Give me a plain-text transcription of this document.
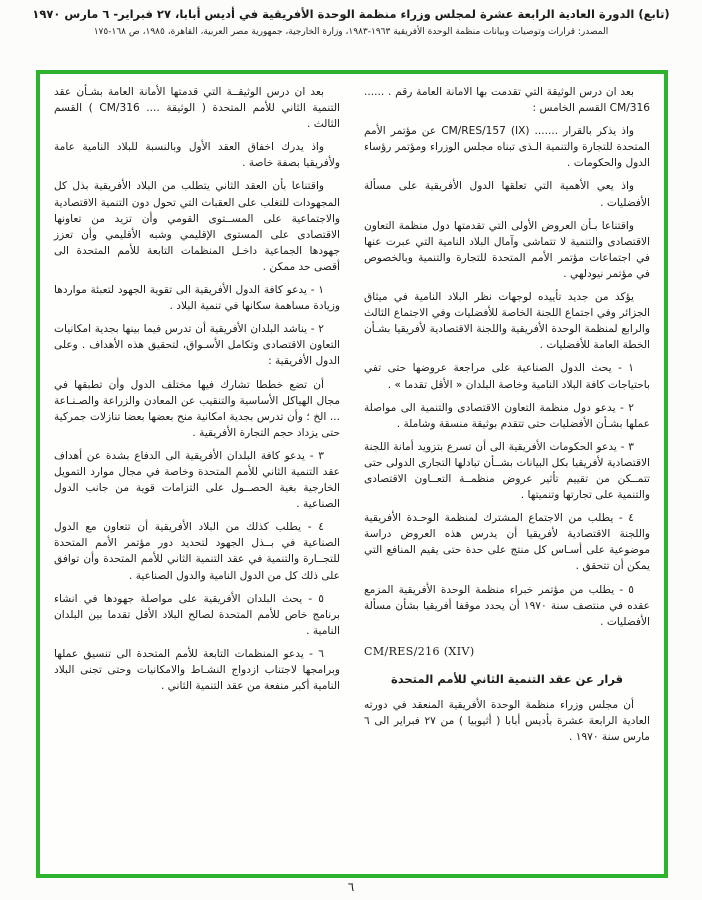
(تابع) الدورة العادية الرابعة عشرة لمجلس وزراء منظمة الوحدة الأفريقية في أديس أبابا، ٢٧ فبراير- ٦ مارس ١٩٧٠
المصدر: قرارات وتوصيات وبيانات منظمة الوحدة الأفريقية ١٩٦٣-١٩٨٣، وزارة الخارجية، جمهورية مصر العربية، القاهرة، ١٩٨٥، ص ١٦٨-١٧٥

بعد ان درس الوثيقة التي تقدمت بها الامانة العامة رقم . ...... CM/316 القسم الخامس :

واذ يذكر بالقرار ....... CM/RES/157 (IX) عن مؤتمر الأمم المتحدة للتجارة والتنمية الـذى تبناه مجلس الوزراء ومؤتمر رؤساء الدول والحكومات .

واذ يعي الأهمية التي تعلقها الدول الأفريقية على مسألة الأفضليات .

واقتناعا بـأن العروض الأولى التي تقدمتها دول منظمة التعاون الاقتصادى والتنمية لا تتماشى وآمال البلاد النامية التي عبرت عنها في اجتماعات مؤتمر الأمم المتحدة للتجارة والتنمية وبالخصوص في مؤتمر نيودلهي .

يؤكد من جديد تأييده لوجهات نظر البلاد النامية في ميثاق الجزائر وفي اجتماع اللجنة الخاصة للأفضليات وفي الاجتماع الثالث والرابع لمنظمة الوحدة الأفريقية واللجنة الاقتصادية لأفريقيا بشـأن الخطة العامة للأفضليات .

١ - يحث الدول الصناعية على مراجعة عروضها حتى تفي باحتياجات كافة البلاد النامية وخاصة البلدان « الأقل تقدما » .

٢ - يدعو دول منظمة التعاون الاقتصادى والتنمية الى مواصلة عملها بشـأن الأفضليات حتى تتقدم بوثيقة منسقة وشاملة .

٣ - يدعو الحكومات الأفريقية الى أن تسرع بتزويد أمانة اللجنة الاقتصادية لأفريقيا بكل البيانات بشــأن تبادلها التجارى الدولى حتى تتمــكن من تقييم تأثير عروض منظمــة التعــاون الاقتصادى والتنمية على تجارتها وتنميتها .

٤ - يطلب من الاجتماع المشترك لمنظمة الوحـدة الأفريقية واللجنة الاقتصادية لأفريقيا أن يدرس هذه العروض دراسة موضوعية على أسـاس كل منتج على حدة حتى يقيم المنافع التي يمكن أن تتحقق .

٥ - يطلب من مؤتمر خبراء منظمة الوحدة الأفريقية المزمع عقده في منتصف سنة ١٩٧٠ أن يحدد موقفا أفريقيا بشأن مسألة الأفضليات .

CM/RES/216 (XIV)

قرار عن عقد التنمية الثاني للأمم المتحدة

أن مجلس وزراء منظمة الوحدة الأفريقية المنعقد في دورته العادية الرابعة عشرة بأديس أبابا ( أثيوبيا ) من ٢٧ فبراير الى ٦ مارس سنة ١٩٧٠ .

بعد ان درس الوثيقــة التي قدمتها الأمانة العامة بشـأن عقد التنمية الثاني للأمم المتحدة ( الوثيقة .... CM/316 ) القسم الثالث .

واذ يدرك اخفاق العقد الأول وبالنسبة للبلاد النامية عامة ولأفريقيا بصفة خاصة .

واقتناعا بأن العقد الثاني يتطلب من البلاد الأفريقية بذل كل المجهودات للتغلب على العقبات التي تحول دون التنمية الاقتصادية والاجتماعية على المســتوى القومي وأن تزيد من تعاونها الاقتصادى على المستوى الإقليمي وشبه الأقليمي وأن تعزز جهودها الجماعية داخـل المنظمات التابعة للأمم المتحدة الى أقصى حد ممكن .

١ - يدعو كافة الدول الأفريقية الى تقوية الجهود لتعبئة مواردها وزيادة مساهمة سكانها في تنمية البلاد .

٢ - يناشد البلدان الأفريقية أن تدرس فيما بينها بجدية امكانيات التعاون الاقتصادى وتكامل الأسـواق، لتحقيق هذه الأهداف . وعلى الدول الأفريقية :

أن تضع خططا تشارك فيها مختلف الدول وأن تطبقها في مجال الهياكل الأساسية والتنقيب عن المعادن والزراعة والصـنـاعة ... الخ ؛ وأن تدرس بجدية امكانية منح بعضها بعضا تنازلات جمركية حتى يزداد حجم التجارة الأفريقية .

٣ - يدعو كافة البلدان الأفريقية الى الدفاع بشدة عن أهداف عقد التنمية الثاني للأمم المتحدة وخاصة في مجال موارد التمويل الخارجية بغية الحصــول على التزامات قوية من جانب الدول الصناعية .

٤ - يطلب كذلك من البلاد الأفريقية أن تتعاون مع الدول الصناعية في بــذل الجهود لتحديد دور مؤتمر الأمم المتحدة للتجــارة والتنمية في عقد التنمية الثاني للأمم المتحدة وأن توافق على ذلك كل من الدول النامية والدول الصناعية .

٥ - يحث البلدان الأفريقية على مواصلة جهودها في انشاء برنامج خاص للأمم المتحدة لصالح البلاد الأقل تقدما بين البلدان النامية .

٦ - يدعو المنظمات التابعة للأمم المتحدة الى تنسيق عملها وبرامجها لاجتناب ازدواج النشـاط والامكانيات وحتى تجنى البلاد النامية أكبر منفعة من عقد التنمية الثاني .

٦
